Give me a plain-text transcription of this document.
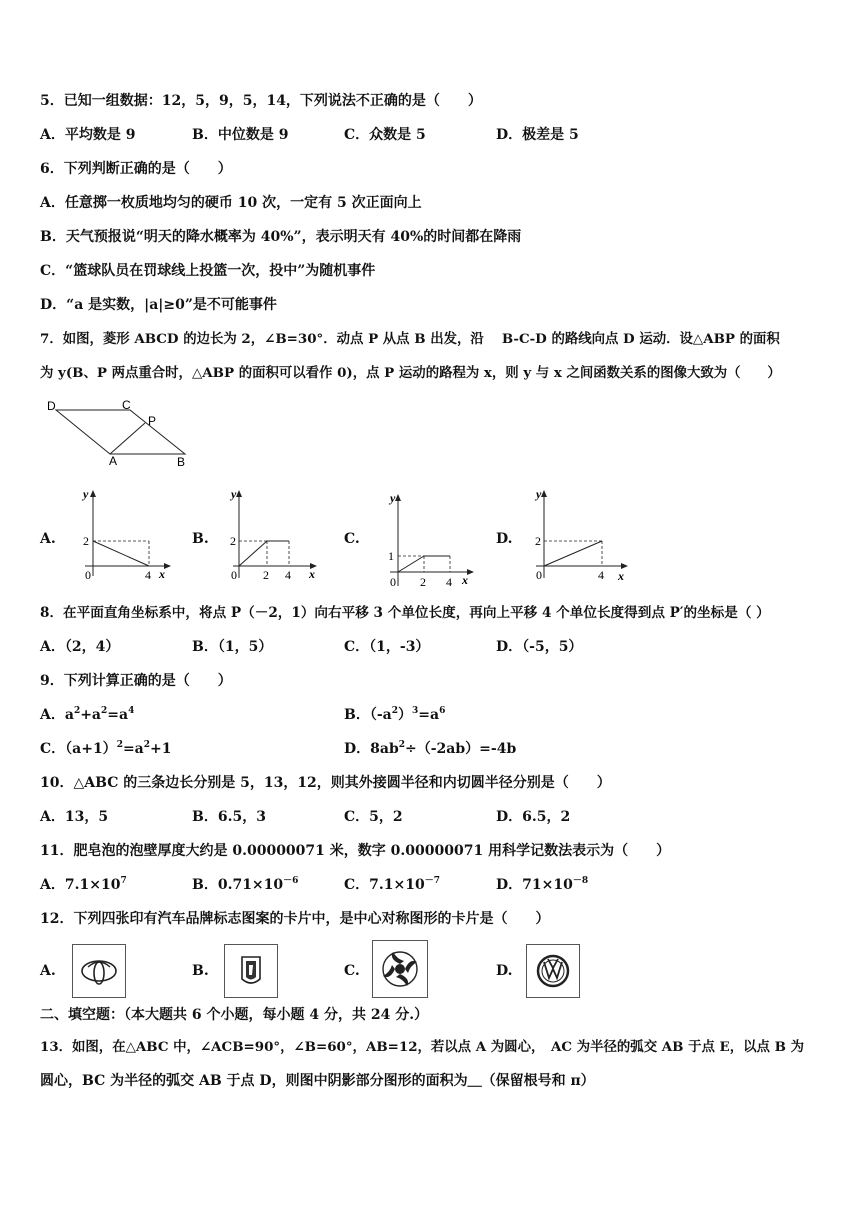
5．已知一组数据：12，5，9，5，14，下列说法不正确的是（　　）
A．平均数是 9	B．中位数是 9	C．众数是 5	D．极差是 5
6．下列判断正确的是（　　）
A．任意掷一枚质地均匀的硬币 10 次，一定有 5 次正面向上
B．天气预报说“明天的降水概率为 40%”，表示明天有 40%的时间都在降雨
C．“篮球队员在罚球线上投篮一次，投中”为随机事件
D．“a 是实数，|a|≥0”是不可能事件
7．如图，菱形 ABCD 的边长为 2，∠B=30°．动点 P 从点 B 出发，沿　 B-C-D 的路线向点 D 运动．设△ABP 的面积
为 y(B、P 两点重合时，△ABP 的面积可以看作 0)，点 P 运动的路程为 x，则 y 与 x 之间函数关系的图像大致为（　　）
D	C
P
A	B
A.
y
x
2
0	4
B.
y
x
2
0 2 4
C.
y
x
1
0 2 4
D.
y
x
2
0	4
8．在平面直角坐标系中，将点 P（－2，1）向右平移 3 个单位长度，再向上平移 4 个单位长度得到点 P′的坐标是（ ）
A．（2，4）	B．（1，5）	C．（1，-3）	D．（-5，5）
9．下列计算正确的是（　　）
A．$a^2+a^2=a^4$	B．$(-a^2)^3=a^6$
C．$(a+1)^2=a^2+1$	D．$8ab^2\div(-2ab)=-4b$
10．△ABC 的三条边长分别是 5，13，12，则其外接圆半径和内切圆半径分别是（　　）
A．13，5	B．6.5，3	C．5，2	D．6.5，2
11．肥皂泡的泡壁厚度大约是 0.00000071 米，数字 0.00000071 用科学记数法表示为（　　）
A．$7.1\times 10^7$	B．$0.71\times 10^{-6}$	C．$7.1\times 10^{-7}$	D．$71\times 10^{-8}$
12．下列四张印有汽车品牌标志图案的卡片中，是中心对称图形的卡片是（　　）
A.	B.	C.	D.
二、填空题：（本大题共 6 个小题，每小题 4 分，共 24 分.）
13．如图，在△ABC 中，∠ACB=90°，∠B=60°，AB=12，若以点 A 为圆心，　AC 为半径的弧交 AB 于点 E，以点 B 为
圆心，BC 为半径的弧交 AB 于点 D，则图中阴影部分图形的面积为＿（保留根号和 π）
